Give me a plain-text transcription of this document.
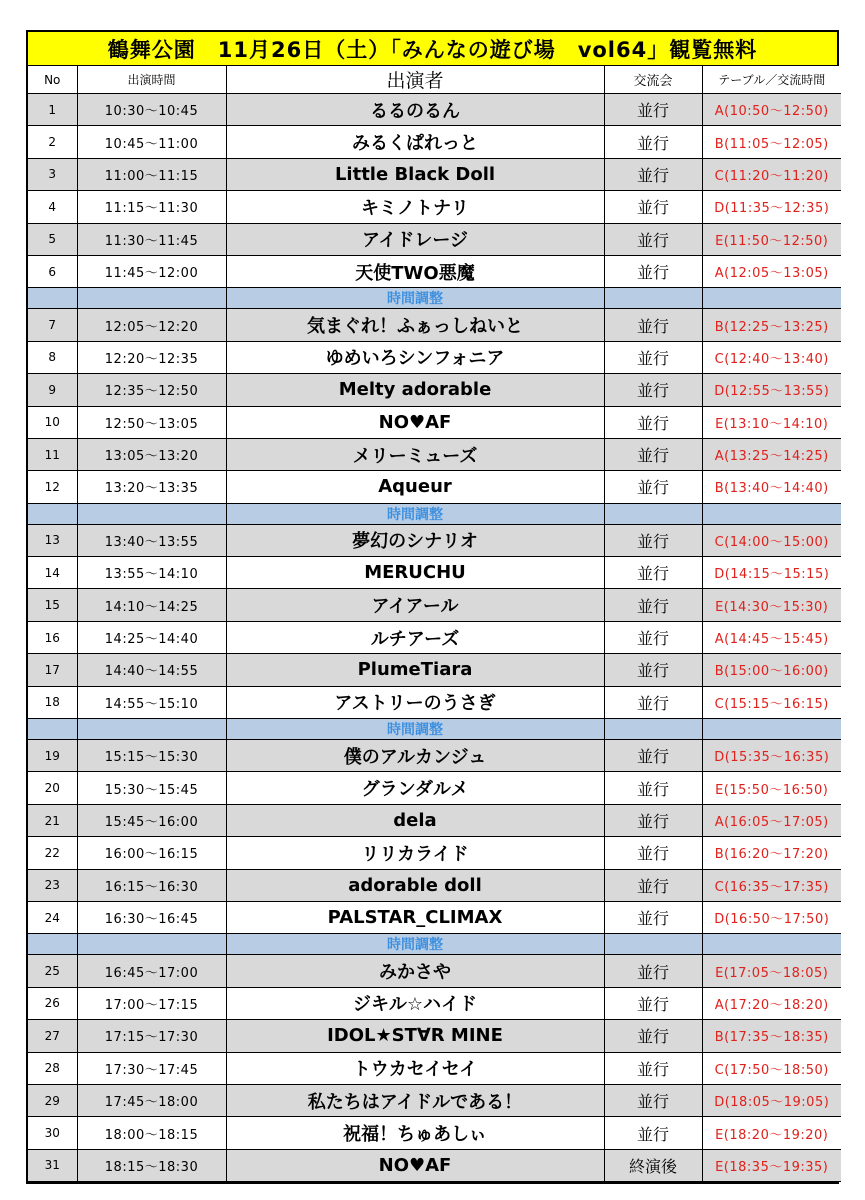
鶴舞公園　11月26日（土）「みんなの遊び場　vol64」観覧無料
No	出演時間	出演者	交流会	テーブル／交流時間
1	10:30～10:45	るるのるん	並行	A(10:50～12:50)
2	10:45～11:00	みるくぱれっと	並行	B(11:05～12:05)
3	11:00～11:15	Little Black Doll	並行	C(11:20～11:20)
4	11:15～11:30	キミノトナリ	並行	D(11:35～12:35)
5	11:30～11:45	アイドレージ	並行	E(11:50～12:50)
6	11:45～12:00	天使TWO悪魔	並行	A(12:05～13:05)
		時間調整		
7	12:05～12:20	気まぐれ！ふぁっしねいと	並行	B(12:25～13:25)
8	12:20～12:35	ゆめいろシンフォニア	並行	C(12:40～13:40)
9	12:35～12:50	Melty adorable	並行	D(12:55～13:55)
10	12:50～13:05	NO♥AF	並行	E(13:10～14:10)
11	13:05～13:20	メリーミューズ	並行	A(13:25～14:25)
12	13:20～13:35	Aqueur	並行	B(13:40～14:40)
		時間調整		
13	13:40～13:55	夢幻のシナリオ	並行	C(14:00～15:00)
14	13:55～14:10	MERUCHU	並行	D(14:15～15:15)
15	14:10～14:25	アイアール	並行	E(14:30～15:30)
16	14:25～14:40	ルチアーズ	並行	A(14:45～15:45)
17	14:40～14:55	PlumeTiara	並行	B(15:00～16:00)
18	14:55～15:10	アストリーのうさぎ	並行	C(15:15～16:15)
		時間調整		
19	15:15～15:30	僕のアルカンジュ	並行	D(15:35～16:35)
20	15:30～15:45	グランダルメ	並行	E(15:50～16:50)
21	15:45～16:00	dela	並行	A(16:05～17:05)
22	16:00～16:15	リリカライド	並行	B(16:20～17:20)
23	16:15～16:30	adorable doll	並行	C(16:35～17:35)
24	16:30～16:45	PALSTAR_CLIMAX	並行	D(16:50～17:50)
		時間調整		
25	16:45～17:00	みかさや	並行	E(17:05～18:05)
26	17:00～17:15	ジキル☆ハイド	並行	A(17:20～18:20)
27	17:15～17:30	IDOL★ST∀R MINE	並行	B(17:35～18:35)
28	17:30～17:45	トウカセイセイ	並行	C(17:50～18:50)
29	17:45～18:00	私たちはアイドルである！	並行	D(18:05～19:05)
30	18:00～18:15	祝福！ちゅあしぃ	並行	E(18:20～19:20)
31	18:15～18:30	NO♥AF	終演後	E(18:35～19:35)
